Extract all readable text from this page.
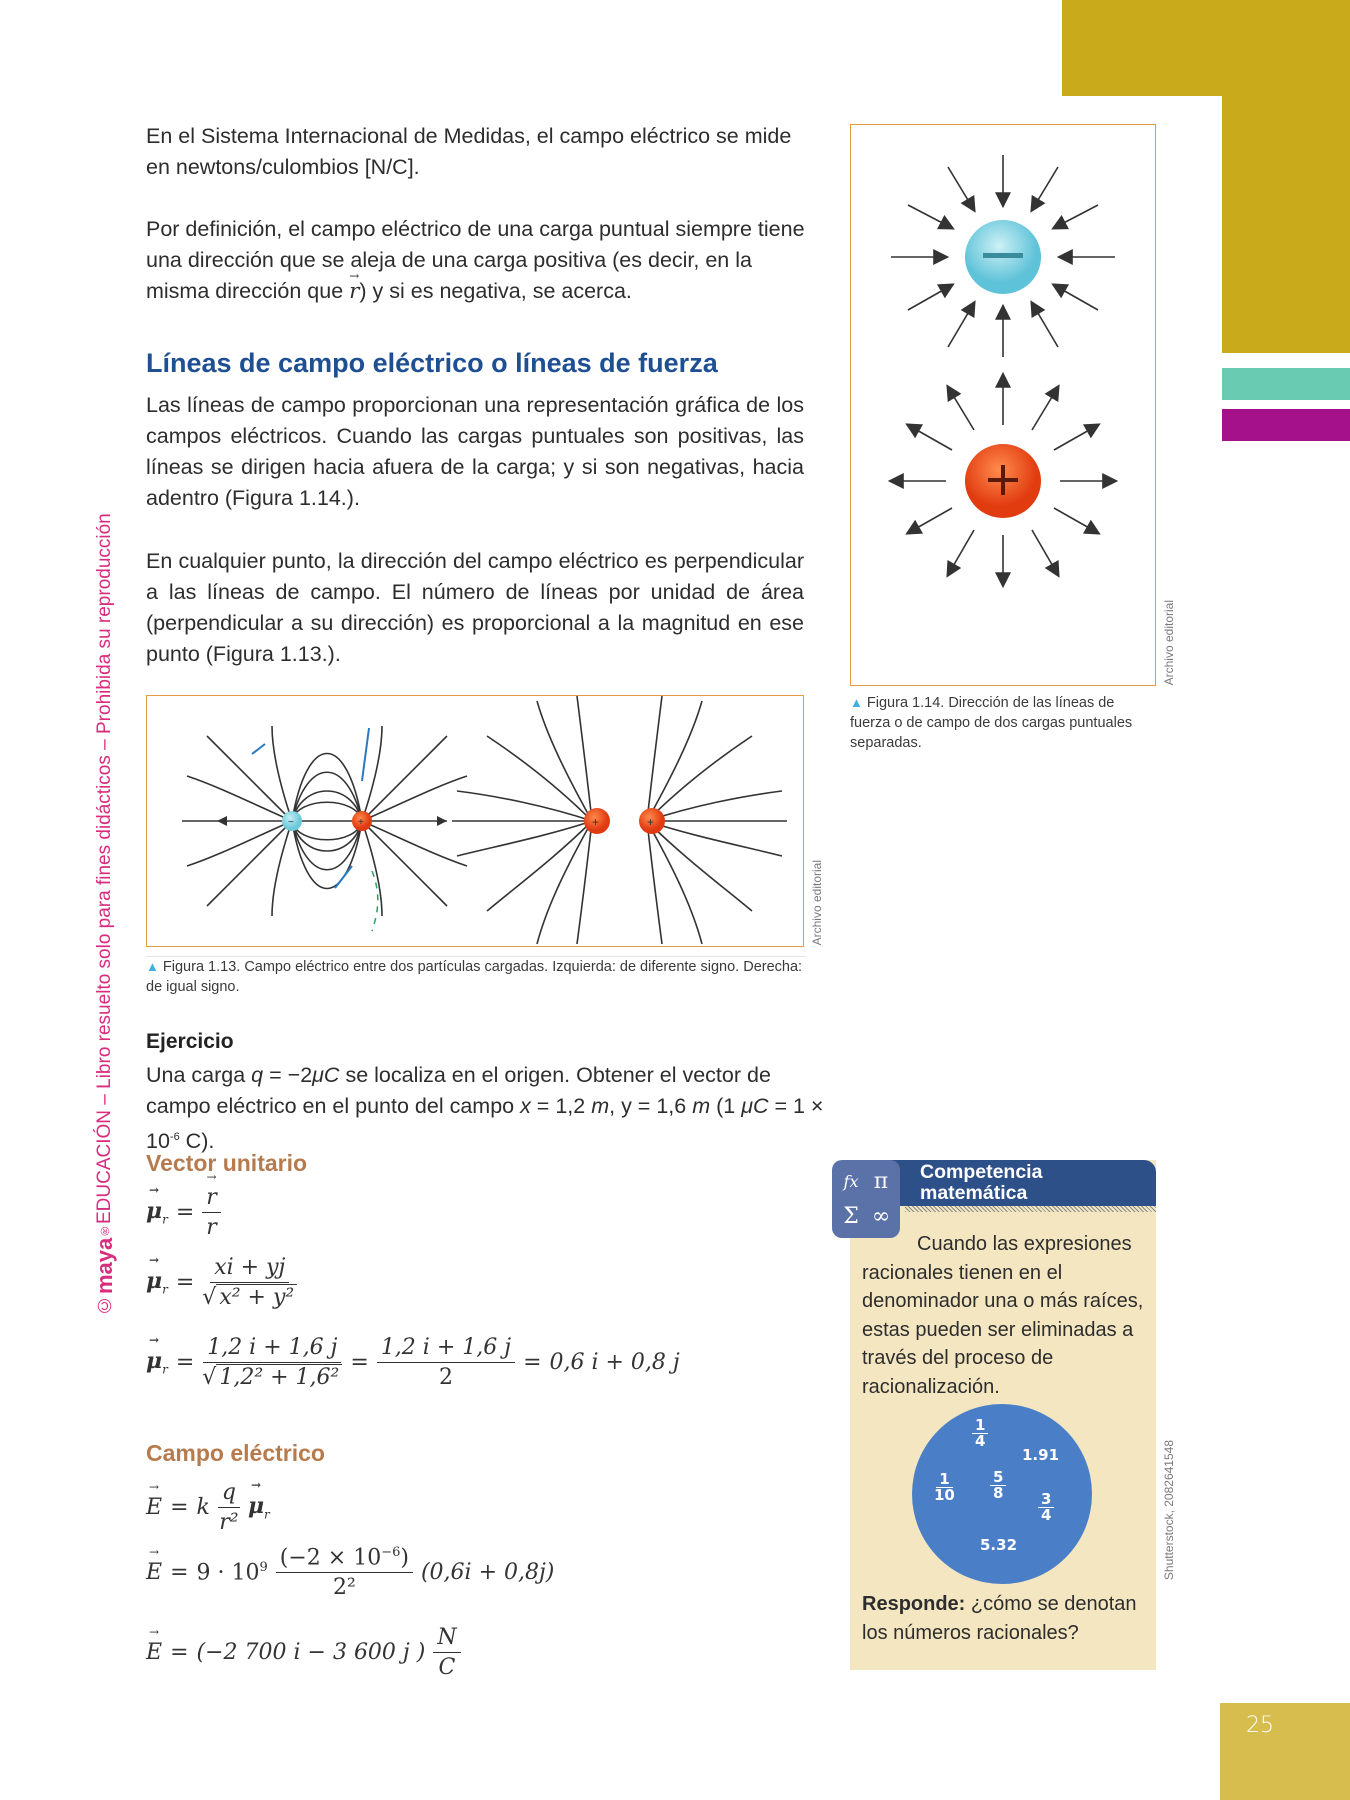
©
maya
®
EDUCACIÓN – Libro resuelto solo para fines didácticos – Prohibida su reproducción
En el Sistema Internacional de Medidas, el campo eléctrico se mide en newtons/culombios [N/C].
Por definición, el campo eléctrico de una carga puntual siempre tiene una dirección que se aleja de una carga positiva (es decir, en la misma dirección que → r) y si es negativa, se acerca.
Líneas de campo eléctrico o líneas de fuerza
Las líneas de campo proporcionan una representación gráfica de los campos eléctricos. Cuando las cargas puntuales son positivas, las líneas se dirigen hacia afuera de la carga; y si son negativas, hacia adentro (Figura 1.14.).
En cualquier punto, la dirección del campo eléctrico es perpendicular a las líneas de campo. El número de líneas por unidad de área (perpendicular a su dirección) es proporcional a la magnitud en ese punto (Figura 1.13.).
−	+	+	+
Archivo editorial
▲ Figura 1.13. Campo eléctrico entre dos partículas cargadas. Izquierda: de diferente signo. Derecha: de igual signo.
Archivo editorial
▲ Figura 1.14. Dirección de las líneas de fuerza o de campo de dos cargas puntuales separadas.
Ejercicio
Una carga q = −2μC se localiza en el origen. Obtener el vector de campo eléctrico en el punto del campo x = 1,2 m, y = 1,6 m (1 $\mu C = 1 \times 10^{-6}$ C).
Vector unitario
→ $\mu_r$ = → $\frac{r}{r}$
→ $\mu_r = \frac{xi + yj}{\text{√ x² + y²}}$
→ $\mu_r = \frac{1,2 i + 1,6 j}{\text{√ 1,2² + 1,6²}} = \frac{1,2 i + 1,6 j}{2} = 0,6$ i + 0,8 j
Campo eléctrico
→ E = k $\frac{q}{\text{r²}} \to \mu_r$
→ $E = 9 \cdot 10^9 \frac{(-2 \times 10^{-6})}{\text{2²}} (0,6i + 0,8j)$
→ E = (−2 700 i − 3 600 j ) $\frac{N}{C}$
fx π
Σ ∞
Competencia
matemática
Cuando las expresiones racionales tienen en el denominador una o más raíces, estas pueden ser eliminadas a través del proceso de racionalización.
1
4
1.91
1
10
5
8	3
4
5.32
Responde: ¿cómo se denotan los números racionales?
Shutterstock, 2082641548
25
